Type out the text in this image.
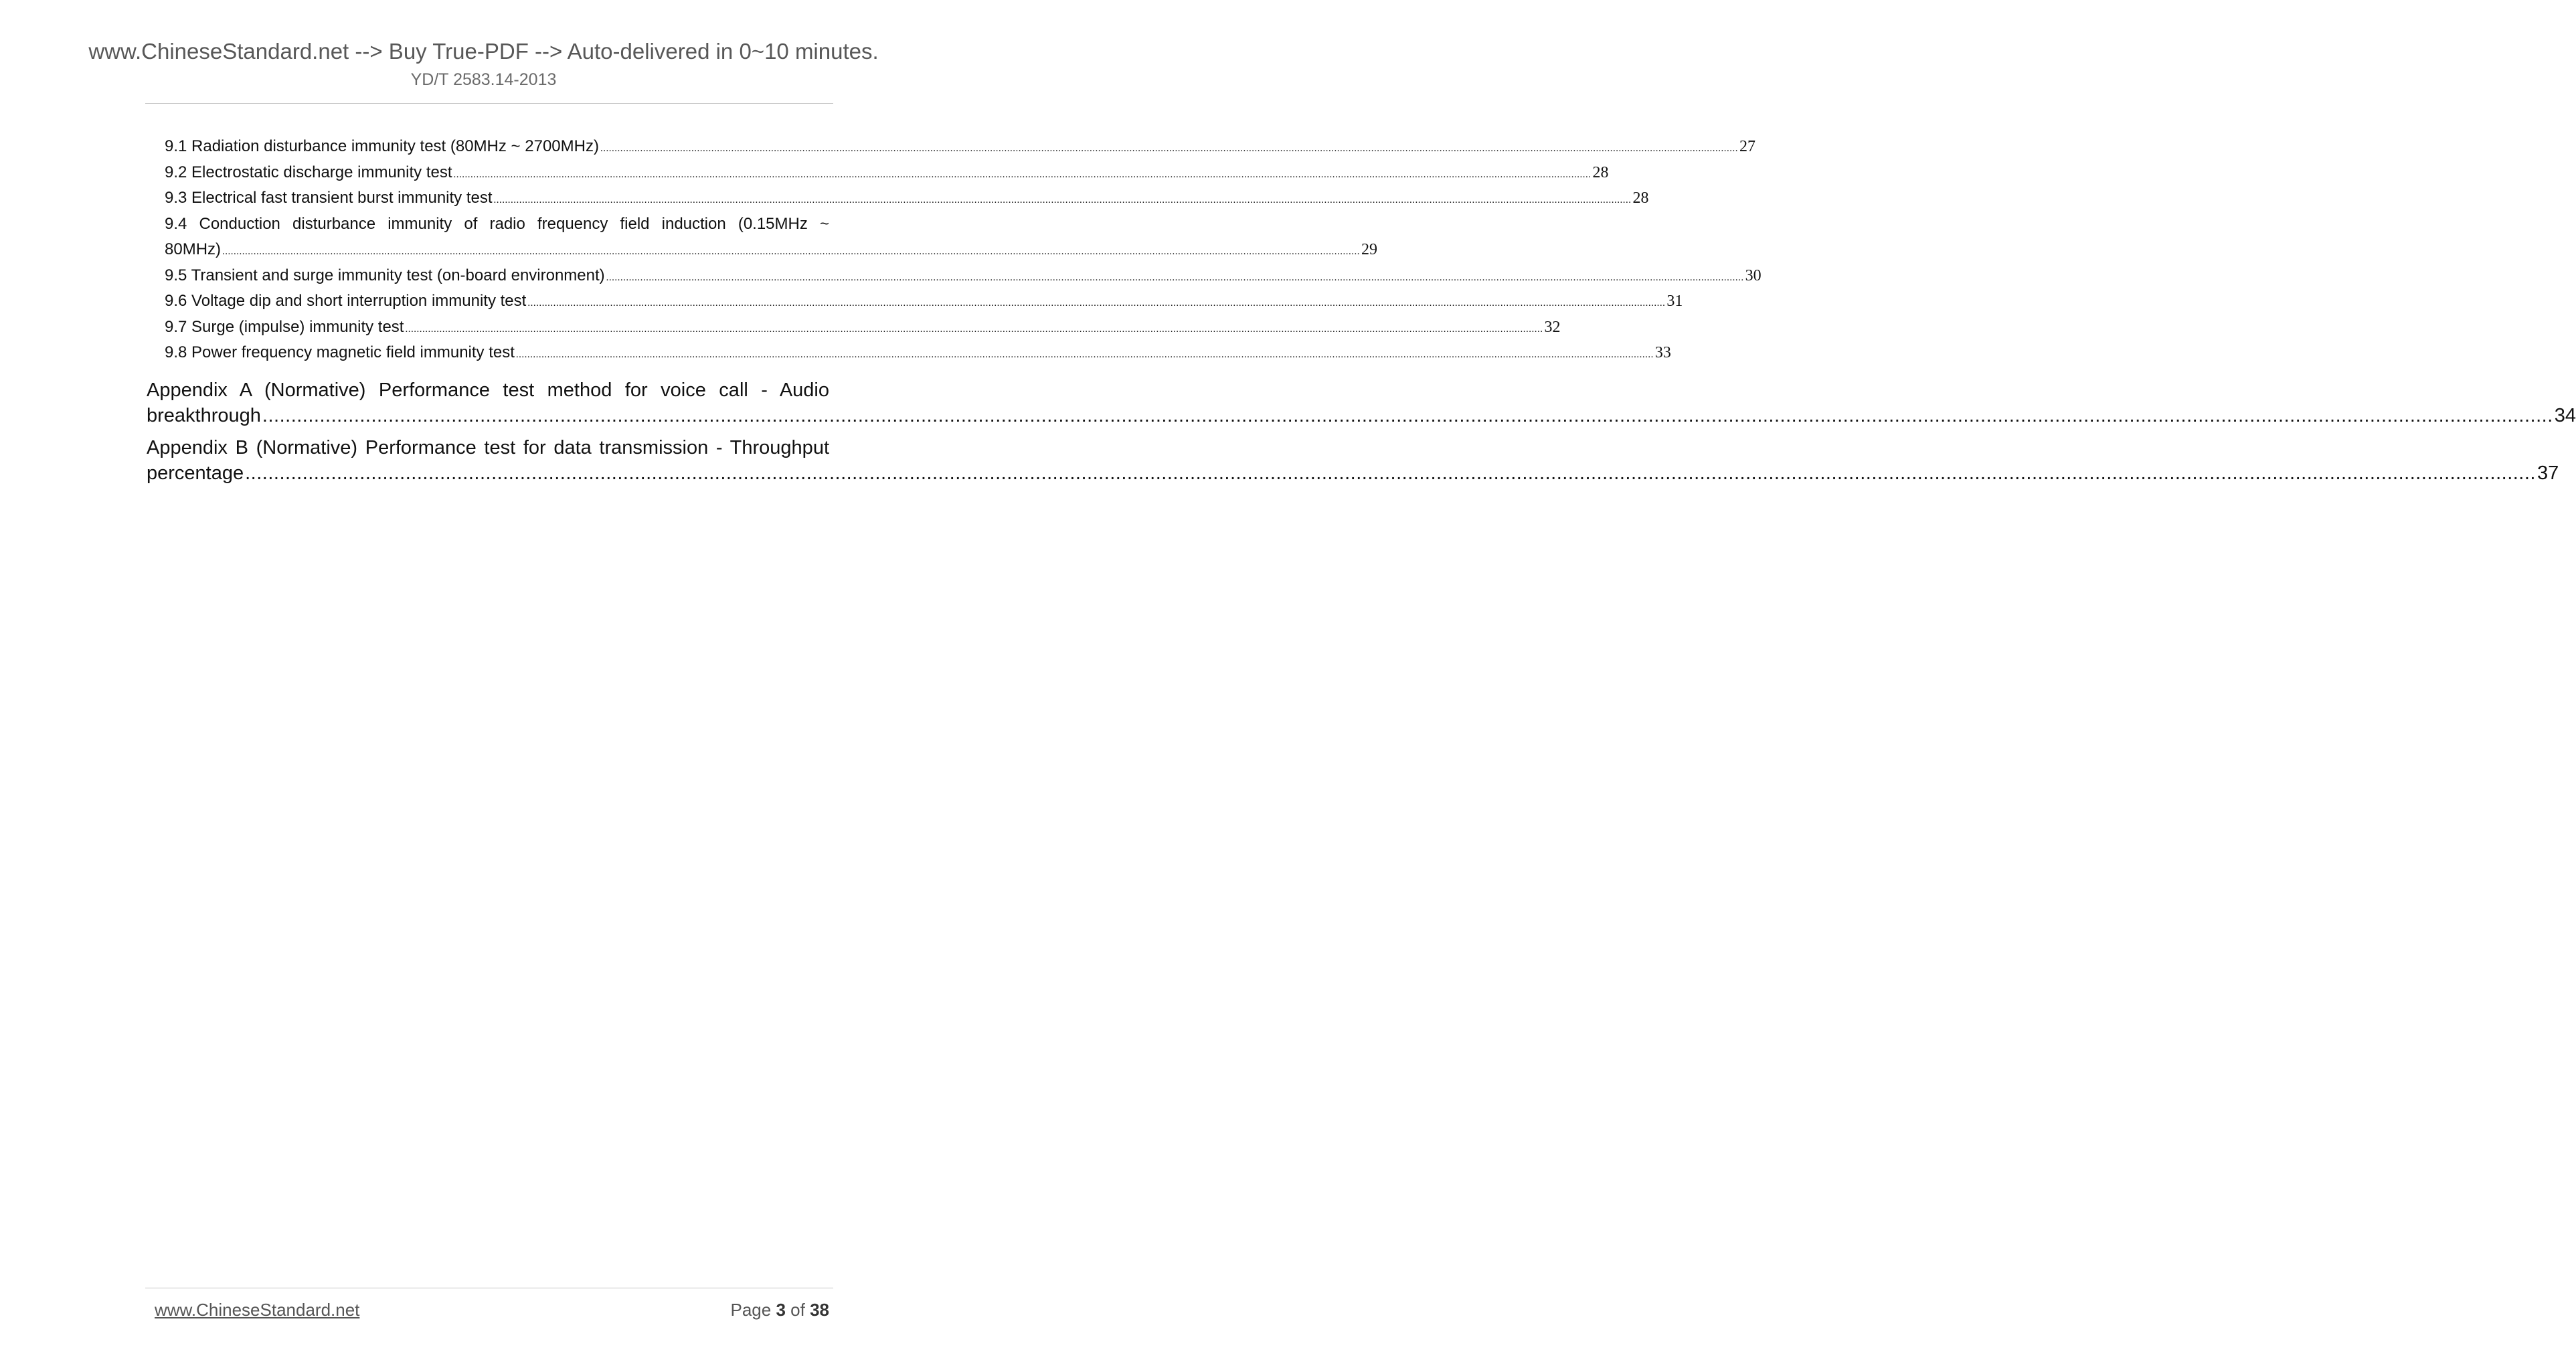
www.ChineseStandard.net --> Buy True-PDF --> Auto-delivered in 0~10 minutes.
YD/T 2583.14-2013
9.1 Radiation disturbance immunity test (80MHz ~ 2700MHz) ................................................................................................................................................................................................................................................................................................................................................................................................................ 27
9.2 Electrostatic discharge immunity test ................................................................................................................................................................................................................................................................................................................................................................................................................ 28
9.3 Electrical fast transient burst immunity test ................................................................................................................................................................................................................................................................................................................................................................................................................ 28
9.4 Conduction disturbance immunity of radio frequency field induction (0.15MHz ~
80MHz) ................................................................................................................................................................................................................................................................................................................................................................................................................ 29
9.5 Transient and surge immunity test (on-board environment) ................................................................................................................................................................................................................................................................................................................................................................................................................ 30
9.6 Voltage dip and short interruption immunity test ................................................................................................................................................................................................................................................................................................................................................................................................................ 31
9.7 Surge (impulse) immunity test ................................................................................................................................................................................................................................................................................................................................................................................................................ 32
9.8 Power frequency magnetic field immunity test ................................................................................................................................................................................................................................................................................................................................................................................................................ 33
Appendix A (Normative) Performance test method for voice call - Audio
breakthrough ................................................................................................................................................................................................................................................................................................................................................................................................................ 34
Appendix B (Normative) Performance test for data transmission - Throughput
percentage ................................................................................................................................................................................................................................................................................................................................................................................................................ 37
www.ChineseStandard.net	Page 3 of 38
